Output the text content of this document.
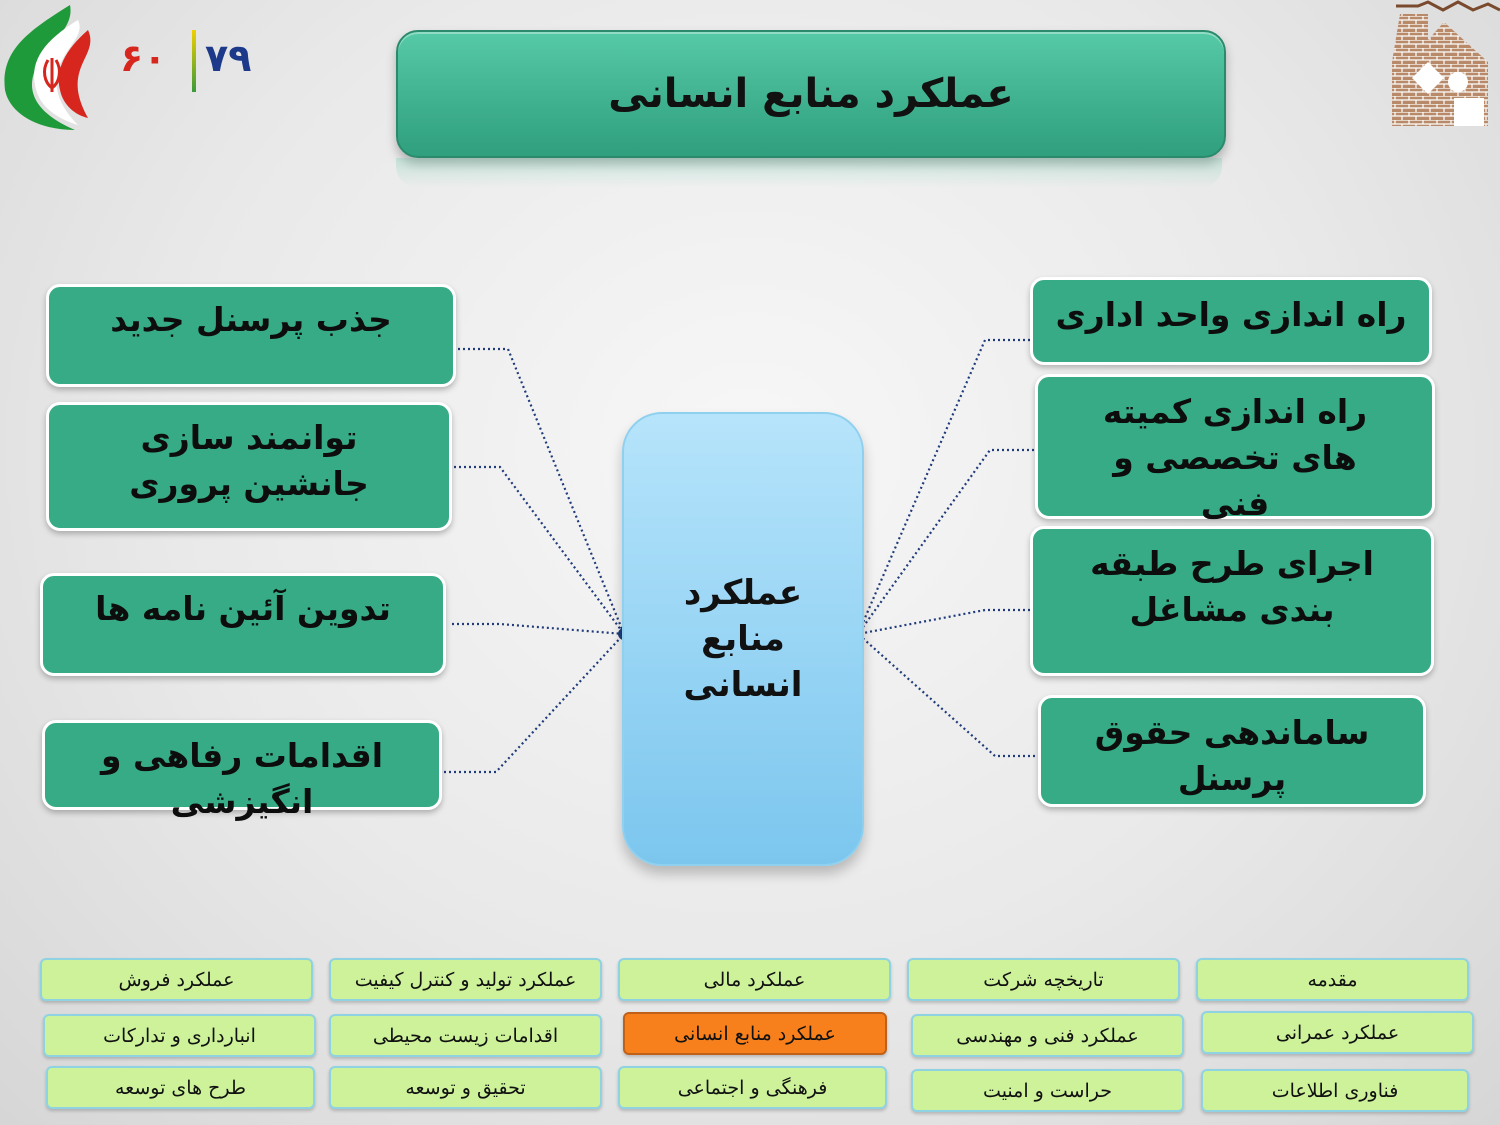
۷۹
۶۰
عملکرد منابع انسانی
عملکرد منابع انسانی
جذب پرسنل جدید
توانمند سازی جانشین پروری
تدوین آئین نامه ها
اقدامات رفاهی و انگیزشی
راه اندازی واحد اداری
راه اندازی کمیته های تخصصی و فنی
اجرای طرح طبقه بندی مشاغل
ساماندهی حقوق پرسنل
مقدمه
تاریخچه شرکت
عملکرد مالی
عملکرد تولید و کنترل کیفیت
عملکرد فروش
عملکرد عمرانی
عملکرد فنی و مهندسی
عملکرد منابع انسانی
اقدامات زیست محیطی
انبارداری و تدارکات
فناوری اطلاعات
حراست و امنیت
فرهنگی و اجتماعی
تحقیق و توسعه
طرح های توسعه
